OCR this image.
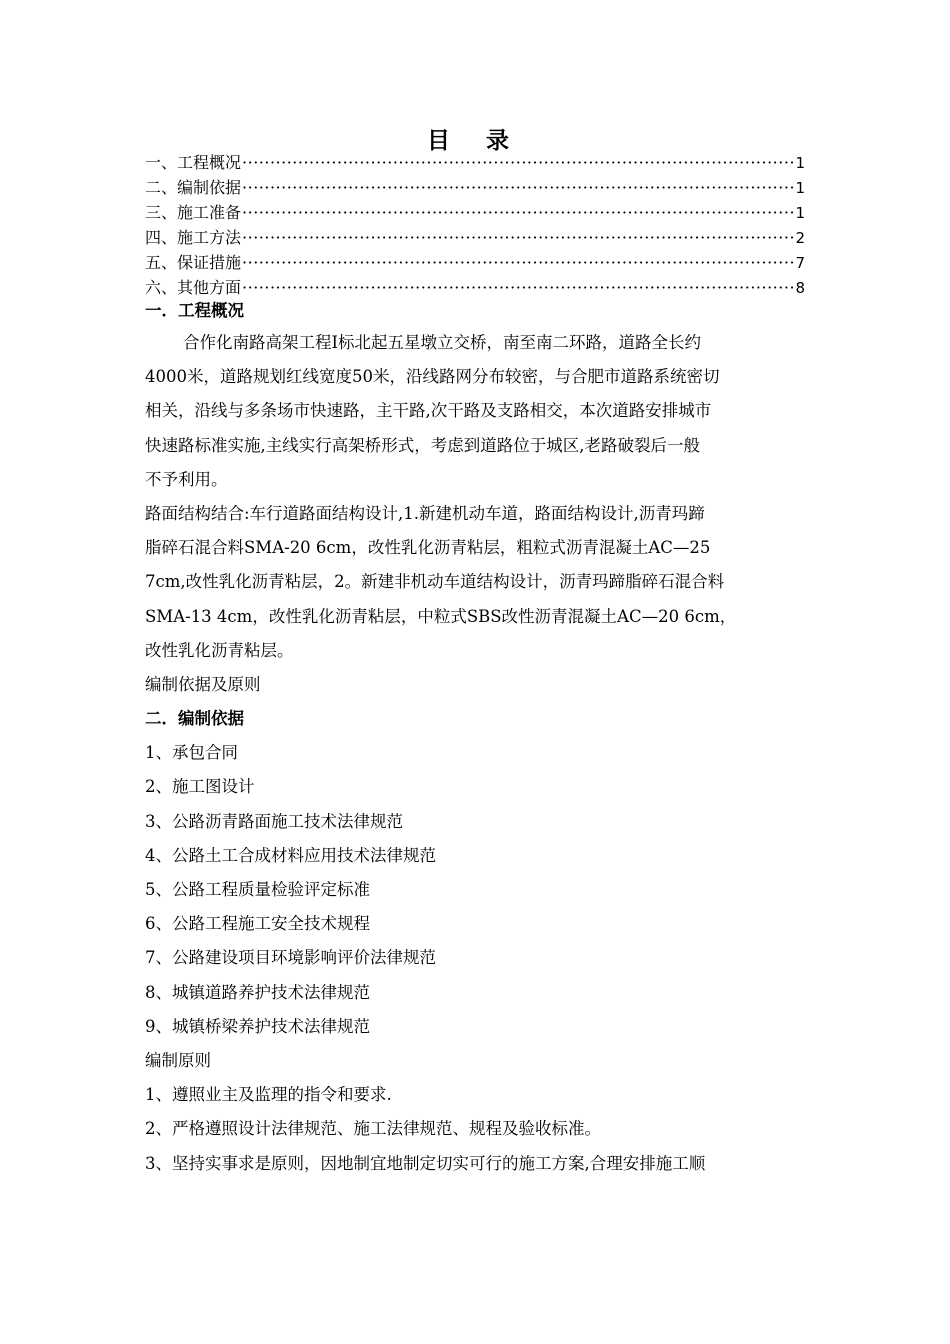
目 录
一、工程概况 ·····	1
二、编制依据 ·····	1
三、施工准备 ·····	1
四、施工方法 ·····	2
五、保证措施 ·····	7
六、其他方面 ·····	8
一．工程概况
合作化南路高架工程Ⅰ标北起五星墩立交桥，南至南二环路，道路全长约
4000米，道路规划红线宽度50米，沿线路网分布较密，与合肥市道路系统密切
相关，沿线与多条场市快速路，主干路,次干路及支路相交，本次道路安排城市
快速路标准实施,主线实行高架桥形式，考虑到道路位于城区,老路破裂后一般
不予利用。
路面结构结合:车行道路面结构设计,1.新建机动车道，路面结构设计,沥青玛蹄
脂碎石混合料SMA-20 6cm，改性乳化沥青粘层，粗粒式沥青混凝土AC—25
7cm,改性乳化沥青粘层，2。新建非机动车道结构设计，沥青玛蹄脂碎石混合料
SMA-13 4cm，改性乳化沥青粘层，中粒式SBS改性沥青混凝土AC—20 6cm，
改性乳化沥青粘层。
编制依据及原则
二．编制依据
1、承包合同
2、施工图设计
3、公路沥青路面施工技术法律规范
4、公路土工合成材料应用技术法律规范
5、公路工程质量检验评定标准
6、公路工程施工安全技术规程
7、公路建设项目环境影响评价法律规范
8、城镇道路养护技术法律规范
9、城镇桥梁养护技术法律规范
编制原则
1、遵照业主及监理的指令和要求.
2、严格遵照设计法律规范、施工法律规范、规程及验收标准。
3、坚持实事求是原则，因地制宜地制定切实可行的施工方案,合理安排施工顺
